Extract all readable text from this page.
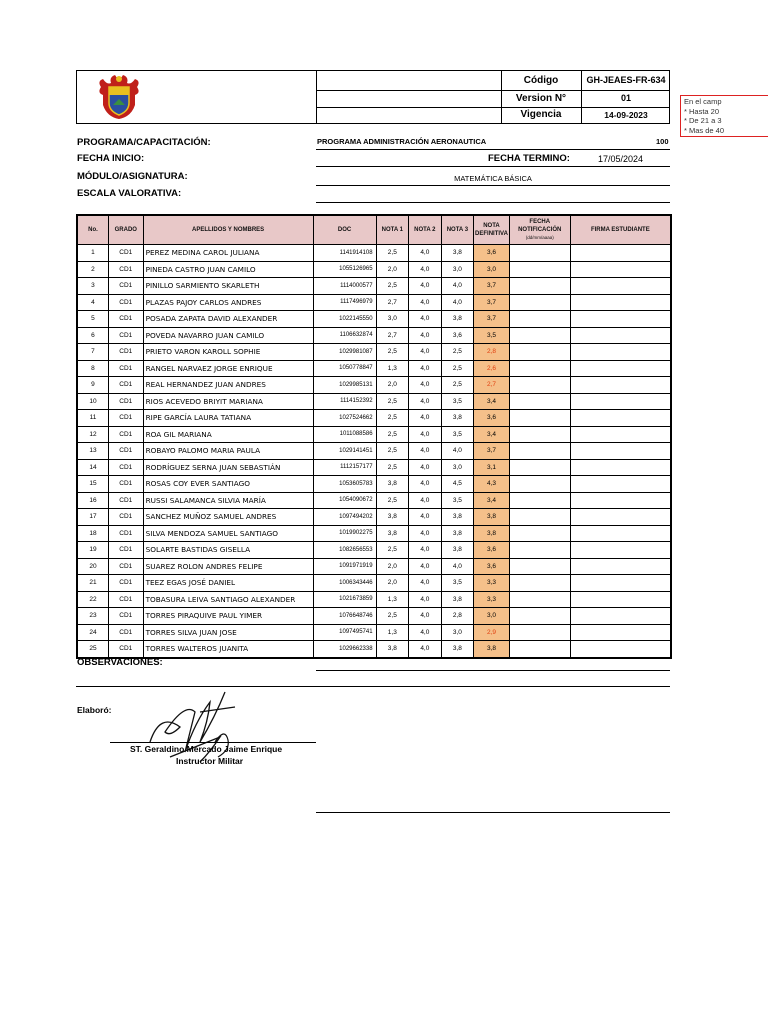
Código	GH-JEAES-FR-634
Version N°	01
Vigencia	14-09-2023
En el camp
* Hasta 20
* De 21 a 3
* Mas de 40
PROGRAMA/CAPACITACIÓN:	PROGRAMA ADMINISTRACIÓN AERONAUTICA	100
FECHA INICIO:	FECHA TERMINO:	17/05/2024
MÓDULO/ASIGNATURA:	MATEMÁTICA BÁSICA
ESCALA VALORATIVA:
No.	GRADO	APELLIDOS Y NOMBRES	DOC	NOTA 1	NOTA 2	NOTA 3	NOTA DEFINITIVA	FECHA NOTIFICACIÓN
(dd/mm/aaaa)	FIRMA ESTUDIANTE
1	CD1	PEREZ MEDINA CAROL JULIANA	1141914108	2,5	4,0	3,8	3,6		
2	CD1	PINEDA CASTRO JUAN CAMILO	1055126965	2,0	4,0	3,0	3,0		
3	CD1	PINILLO SARMIENTO SKARLETH	1114000577	2,5	4,0	4,0	3,7		
4	CD1	PLAZAS PAJOY CARLOS ANDRES	1117496979	2,7	4,0	4,0	3,7		
5	CD1	POSADA ZAPATA DAVID ALEXANDER	1022145550	3,0	4,0	3,8	3,7		
6	CD1	POVEDA NAVARRO JUAN CAMILO	1106632874	2,7	4,0	3,6	3,5		
7	CD1	PRIETO VARON KAROLL SOPHIE	1029981087	2,5	4,0	2,5	2,8		
8	CD1	RANGEL NARVAEZ JORGE ENRIQUE	1050778847	1,3	4,0	2,5	2,6		
9	CD1	REAL HERNANDEZ JUAN ANDRES	1029985131	2,0	4,0	2,5	2,7		
10	CD1	RIOS ACEVEDO BRIYIT MARIANA	1114152392	2,5	4,0	3,5	3,4		
11	CD1	RIPE GARCÍA LAURA TATIANA	1027524662	2,5	4,0	3,8	3,6		
12	CD1	ROA GIL MARIANA	1011088586	2,5	4,0	3,5	3,4		
13	CD1	ROBAYO PALOMO MARIA PAULA	1029141451	2,5	4,0	4,0	3,7		
14	CD1	RODRÍGUEZ SERNA JUAN SEBASTIÁN	1112157177	2,5	4,0	3,0	3,1		
15	CD1	ROSAS COY EVER SANTIAGO	1053605783	3,8	4,0	4,5	4,3		
16	CD1	RUSSI SALAMANCA SILVIA MARÍA	1054090672	2,5	4,0	3,5	3,4		
17	CD1	SANCHEZ MUÑOZ SAMUEL ANDRES	1097494202	3,8	4,0	3,8	3,8		
18	CD1	SILVA MENDOZA SAMUEL SANTIAGO	1019902275	3,8	4,0	3,8	3,8		
19	CD1	SOLARTE BASTIDAS GISELLA	1082656553	2,5	4,0	3,8	3,6		
20	CD1	SUAREZ ROLON ANDRES FELIPE	1091971919	2,0	4,0	4,0	3,6		
21	CD1	TEEZ EGAS JOSÉ DANIEL	1006343446	2,0	4,0	3,5	3,3		
22	CD1	TOBASURA LEIVA SANTIAGO ALEXANDER	1021673859	1,3	4,0	3,8	3,3		
23	CD1	TORRES PIRAQUIVE PAUL YIMER	1076648746	2,5	4,0	2,8	3,0		
24	CD1	TORRES SILVA JUAN JOSE	1097495741	1,3	4,0	3,0	2,9		
25	CD1	TORRES WALTEROS JUANITA	1029662338	3,8	4,0	3,8	3,8		
OBSERVACIONES:
Elaboró:
ST. Geraldino Mercado Jaime Enrique
Instructor Militar
